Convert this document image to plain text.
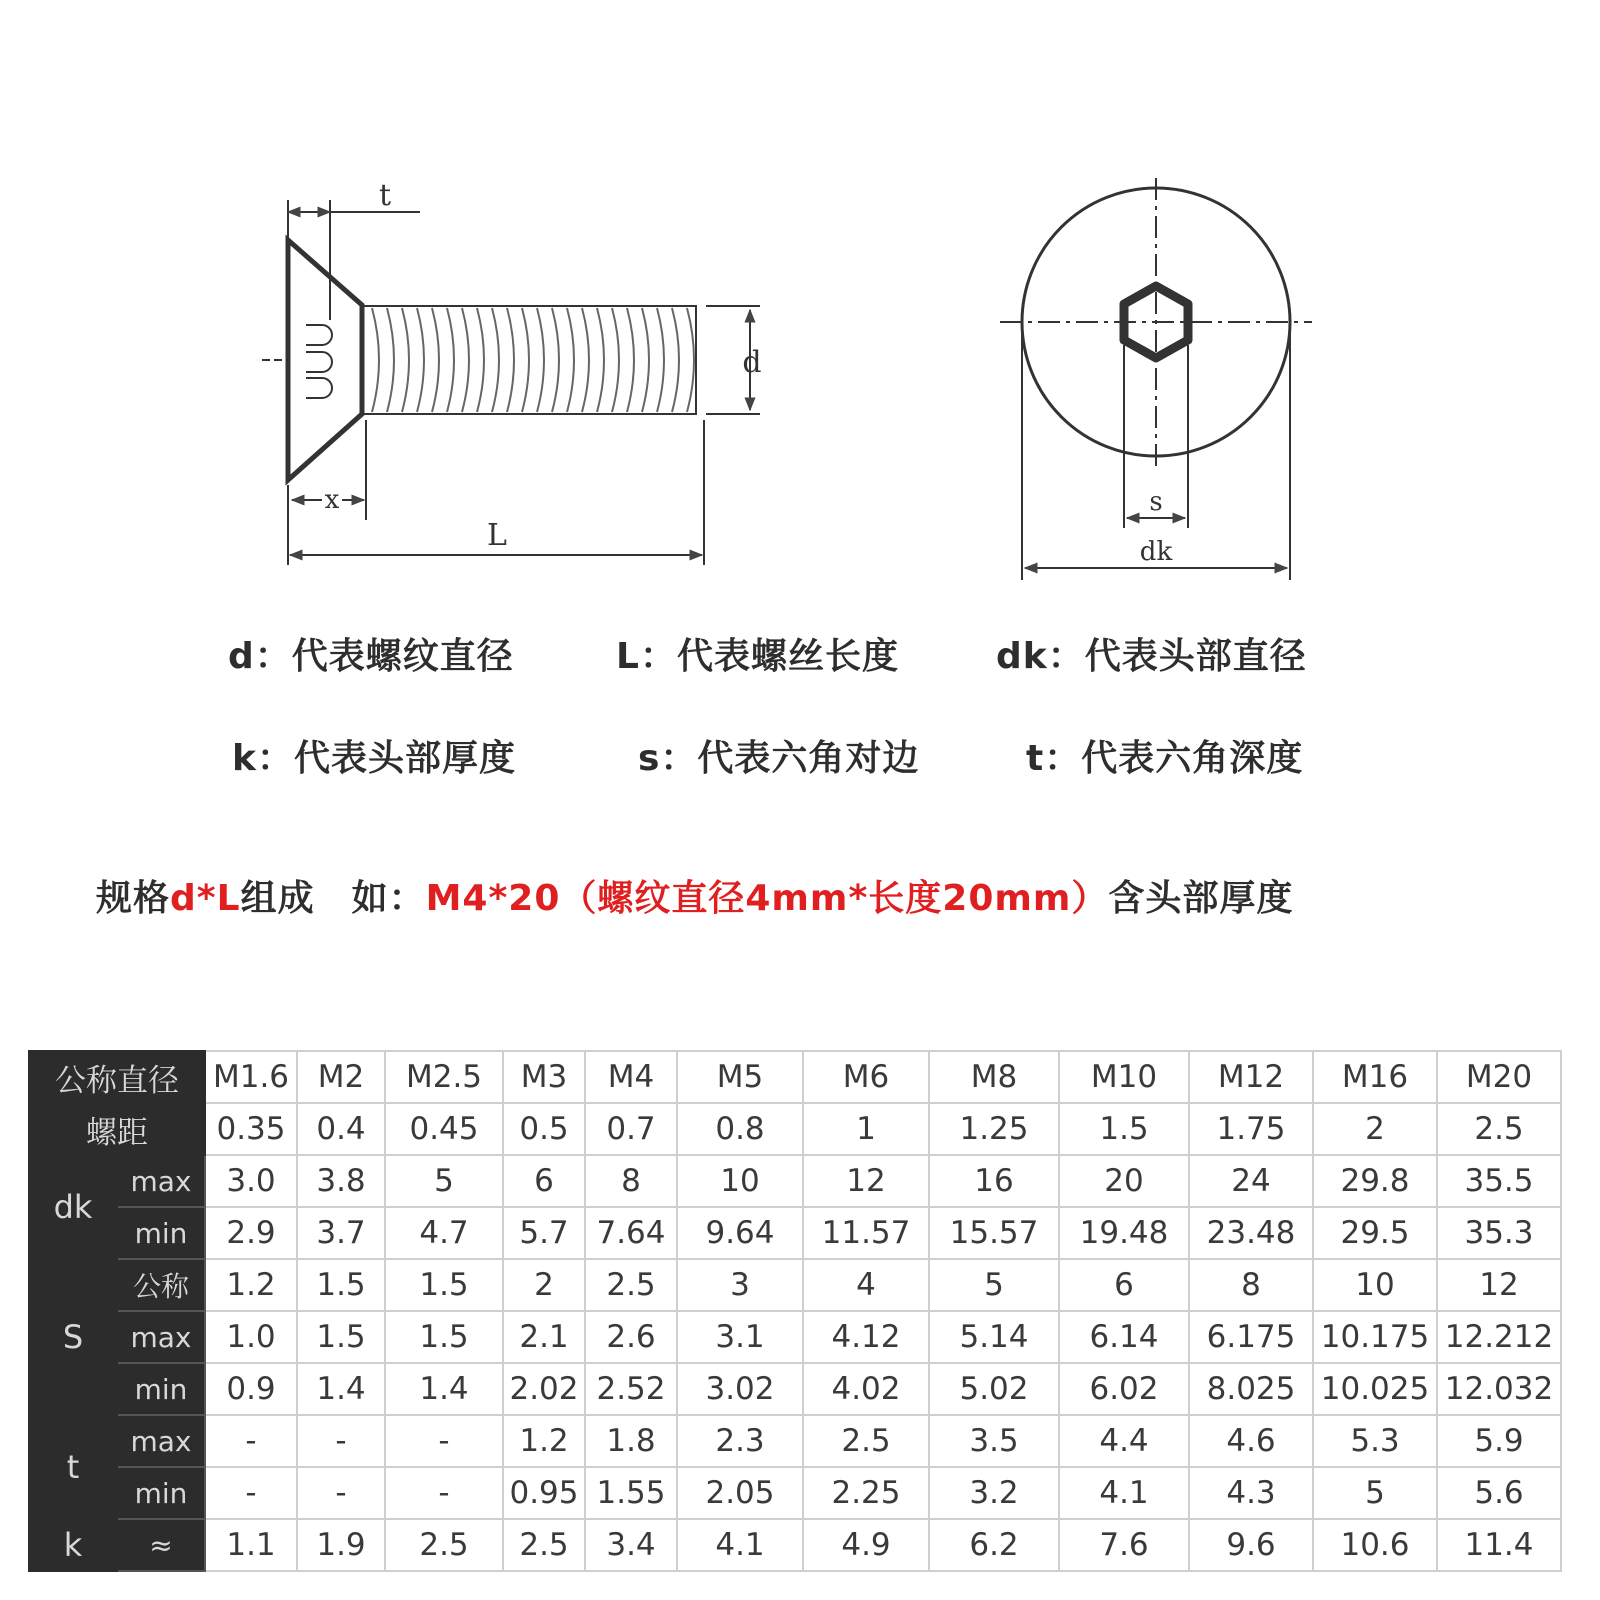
t
d
x
L
s
dk
d：代表螺纹直径	L：代表螺丝长度	dk：代表头部直径
k：代表头部厚度	s：代表六角对边	t：代表六角深度
规格d*L组成　如：M4*20（螺纹直径4mm*长度20mm）含头部厚度
公称直径		M1.6	M2	M2.5	M3	M4	M5	M6	M8	M10	M12	M16	M20
螺距		0.35	0.4	0.45	0.5	0.7	0.8	1	1.25	1.5	1.75	2	2.5
dk	max	3.0	3.8	5	6	8	10	12	16	20	24	29.8	35.5
	min	2.9	3.7	4.7	5.7	7.64	9.64	11.57	15.57	19.48	23.48	29.5	35.3
S	公称	1.2	1.5	1.5	2	2.5	3	4	5	6	8	10	12
	max	1.0	1.5	1.5	2.1	2.6	3.1	4.12	5.14	6.14	6.175	10.175	12.212
	min	0.9	1.4	1.4	2.02	2.52	3.02	4.02	5.02	6.02	8.025	10.025	12.032
t	max	-	-	-	1.2	1.8	2.3	2.5	3.5	4.4	4.6	5.3	5.9
	min	-	-	-	0.95	1.55	2.05	2.25	3.2	4.1	4.3	5	5.6
k	≈	1.1	1.9	2.5	2.5	3.4	4.1	4.9	6.2	7.6	9.6	10.6	11.4
